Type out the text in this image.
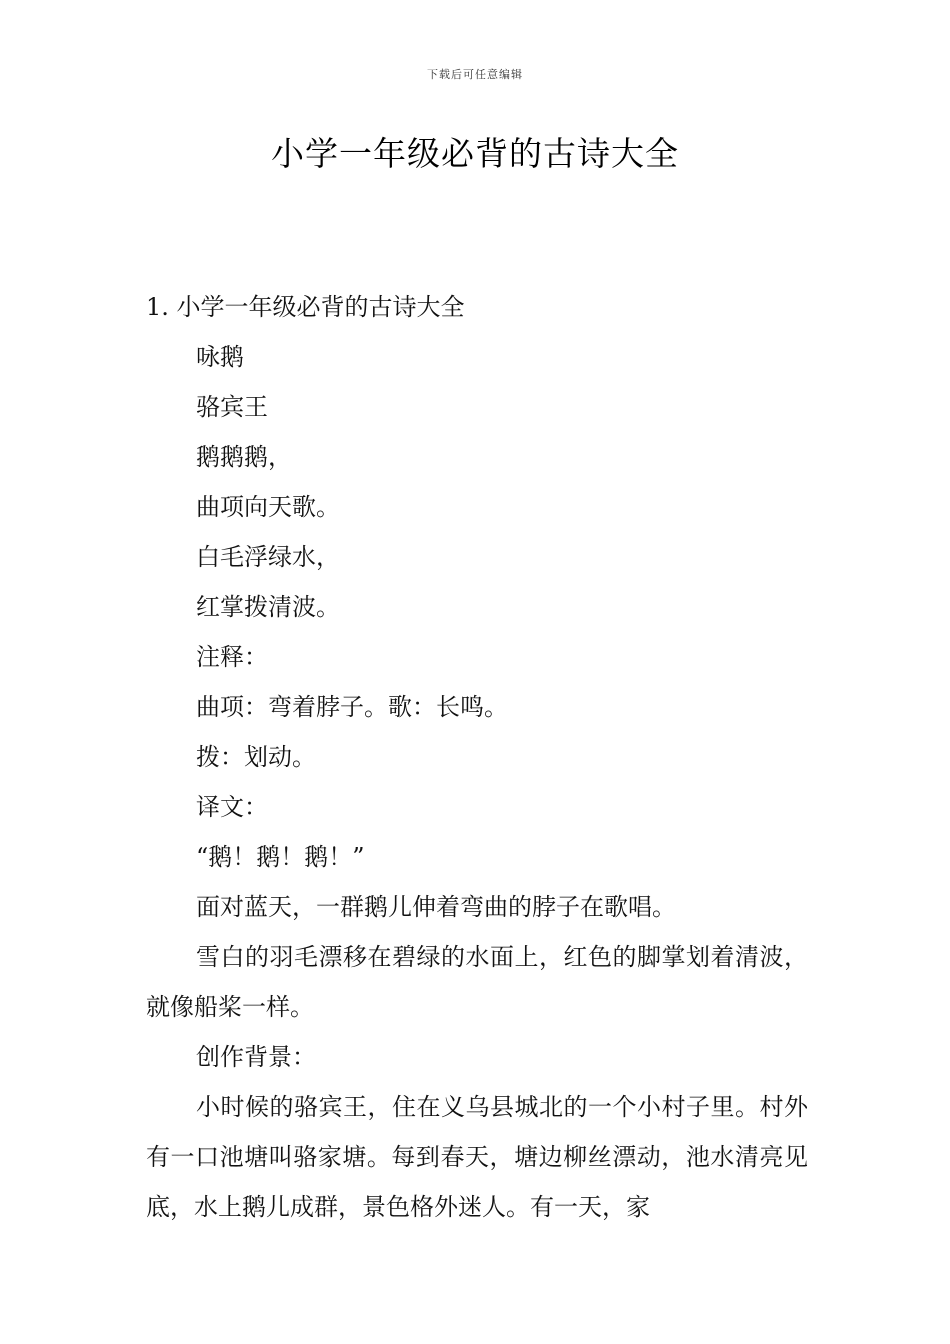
下载后可任意编辑
小学一年级必背的古诗大全

1. 小学一年级必背的古诗大全

咏鹅

骆宾王

鹅鹅鹅，

曲项向天歌。

白毛浮绿水，

红掌拨清波。

注释：

曲项：弯着脖子。歌：长鸣。

拨：划动。

译文：

“鹅！鹅！鹅！”

面对蓝天，一群鹅儿伸着弯曲的脖子在歌唱。

雪白的羽毛漂移在碧绿的水面上，红色的脚掌划着清波，就像船桨一样。

创作背景：

小时候的骆宾王，住在义乌县城北的一个小村子里。村外有一口池塘叫骆家塘。每到春天，塘边柳丝漂动，池水清亮见底，水上鹅儿成群，景色格外迷人。有一天，家
